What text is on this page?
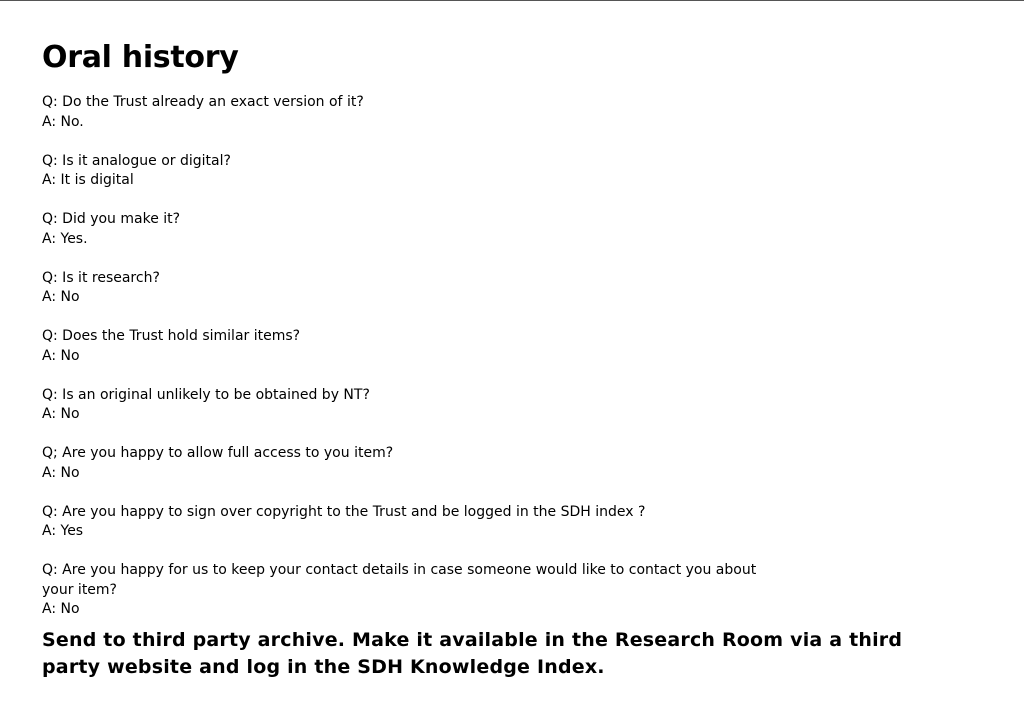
Oral history
Q: Do the Trust already an exact version of it?
A: No.
Q: Is it analogue or digital?
A: It is digital
Q: Did you make it?
A: Yes.
Q: Is it research?
A: No
Q: Does the Trust hold similar items?
A: No
Q: Is an original unlikely to be obtained by NT?
A: No
Q; Are you happy to allow full access to you item?
A: No
Q: Are you happy to sign over copyright to the Trust and be logged in the SDH index ?
A: Yes
Q: Are you happy for us to keep your contact details in case someone would like to contact you about your item?
A: No
Send to third party archive. Make it available in the Research Room via a third party website and log in the SDH Knowledge Index.
